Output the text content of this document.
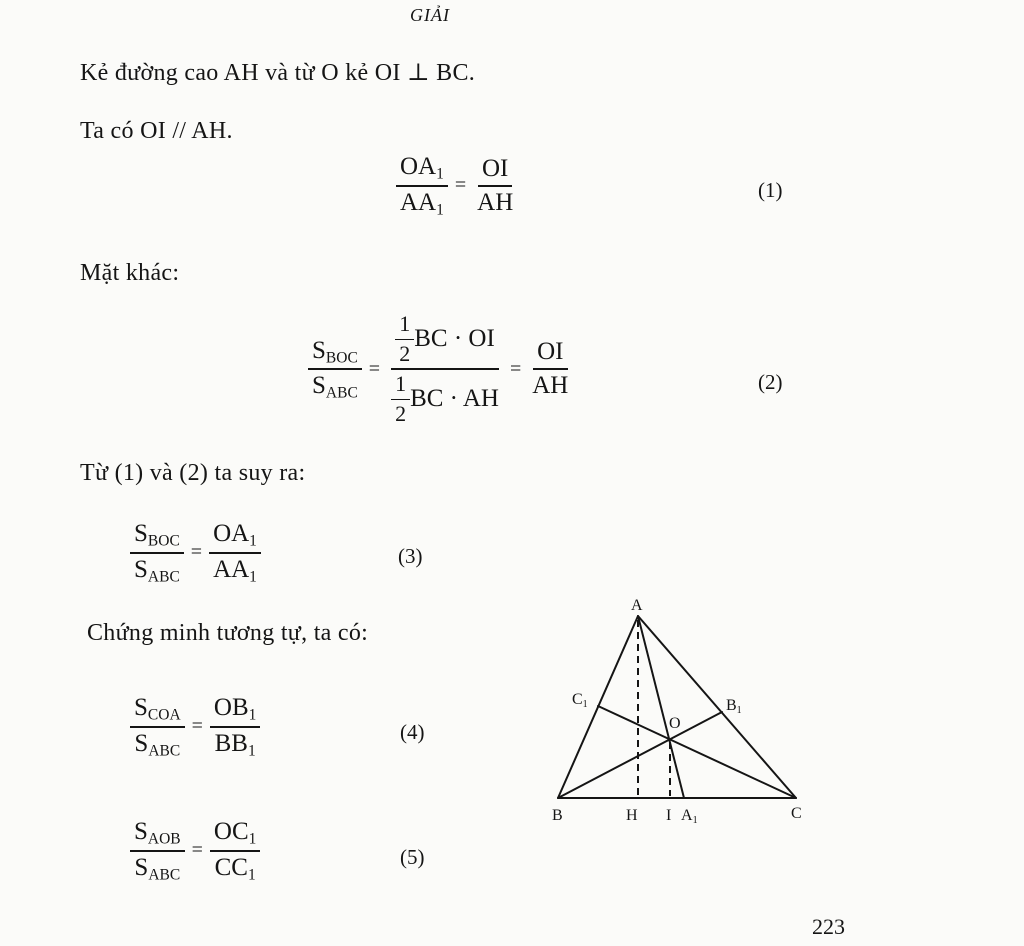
GIẢI
Kẻ đường cao AH và từ O kẻ OI ⊥ BC.
Ta có OI // AH.
Mặt khác:
Từ (1) và (2) ta suy ra:
Chứng minh tương tự, ta có:
$\frac{OA_1}{AA_1} = \frac{OI}{AH}$	(1)
$\frac{S_{BOC}}{S_{ABC}} = \frac{\frac{1}{2} BC \cdot OI}{\frac{1}{2} BC \cdot AH} = \frac{OI}{AH}$	(2)
$\frac{S_{BOC}}{S_{ABC}} = \frac{OA_1}{AA_1}$	(3)
$\frac{S_{COA}}{S_{ABC}} = \frac{OB_1}{BB_1}$	(4)
$\frac{S_{AOB}}{S_{ABC}} = \frac{OC_1}{CC_1}$	(5)
A
B	C
O
H I A1
B1
C1
223
